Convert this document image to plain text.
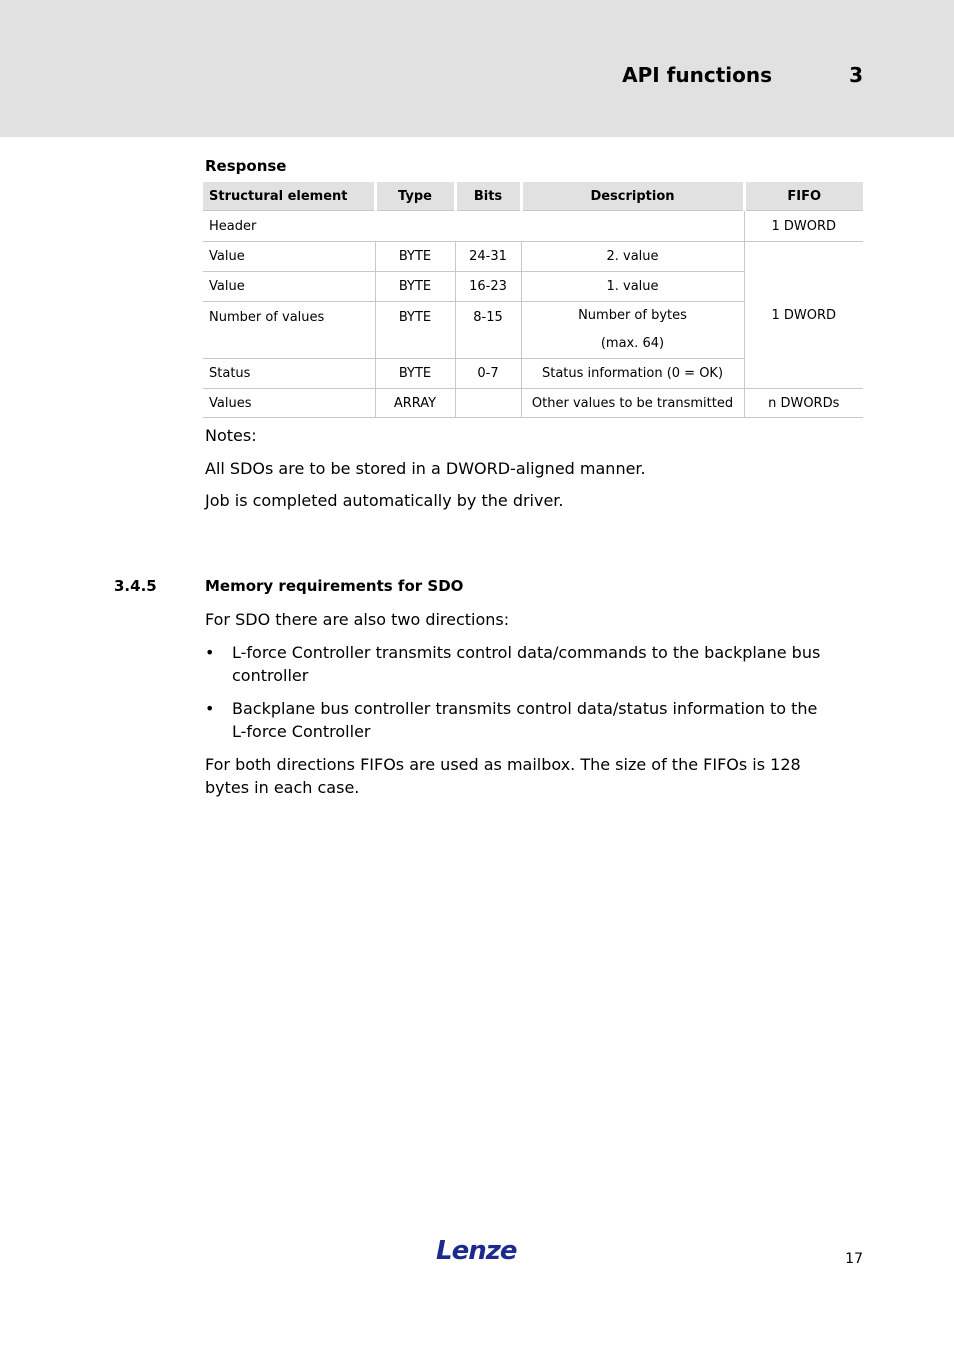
API functions	3
Response
Structural element	Type	Bits	Description	FIFO
Header				1 DWORD
Value	BYTE	24-31	2. value	1 DWORD
Value	BYTE	16-23	1. value	
Number of values	BYTE	8-15	Number of bytes
(max. 64)	

Status	BYTE	0-7	Status information (0 = OK)	
Values	ARRAY		Other values to be transmitted	n DWORDs
Notes:
All SDOs are to be stored in a DWORD-aligned manner.
Job is completed automatically by the driver.
3.4.5	Memory requirements for SDO
For SDO there are also two directions:
• L-force Controller transmits control data/commands to the backplane bus controller
• Backplane bus controller transmits control data/status information to the L-force Controller
For both directions FIFOs are used as mailbox. The size of the FIFOs is 128 bytes in each case.
Lenze	17
